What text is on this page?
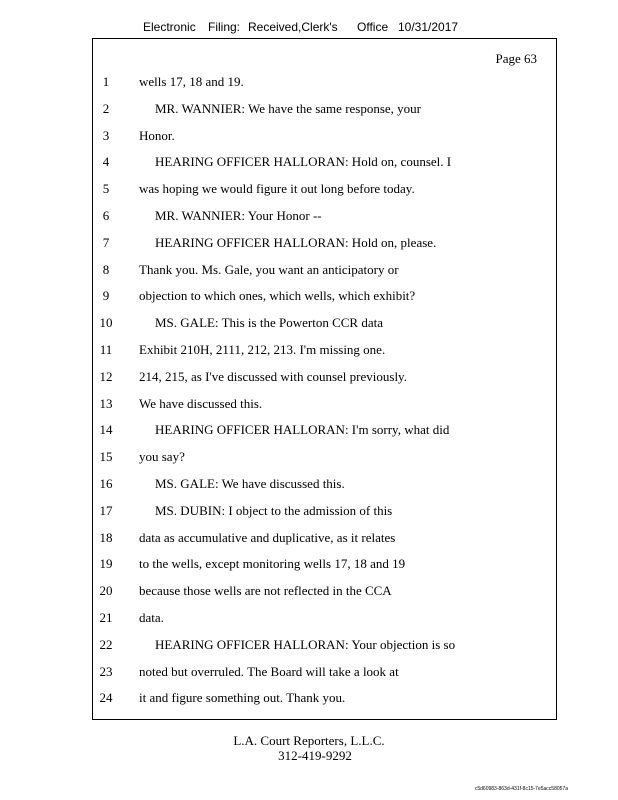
Electronic Filing: Received,Clerk's Office 10/31/2017
Page 63
1	wells 17, 18 and 19.
2	MR. WANNIER: We have the same response, your
3	Honor.
4	HEARING OFFICER HALLORAN: Hold on, counsel. I
5	was hoping we would figure it out long before today.
6	MR. WANNIER: Your Honor --
7	HEARING OFFICER HALLORAN: Hold on, please.
8	Thank you. Ms. Gale, you want an anticipatory or
9	objection to which ones, which wells, which exhibit?
10	MS. GALE: This is the Powerton CCR data
11	Exhibit 210H, 2111, 212, 213. I'm missing one.
12	214, 215, as I've discussed with counsel previously.
13	We have discussed this.
14	HEARING OFFICER HALLORAN: I'm sorry, what did
15	you say?
16	MS. GALE: We have discussed this.
17	MS. DUBIN: I object to the admission of this
18	data as accumulative and duplicative, as it relates
19	to the wells, except monitoring wells 17, 18 and 19
20	because those wells are not reflected in the CCA
21	data.
22	HEARING OFFICER HALLORAN: Your objection is so
23	noted but overruled. The Board will take a look at
24	it and figure something out. Thank you.
L.A. Court Reporters, L.L.C.
312-419-9292
c5d60983-863d-431f-8c15-7e5acc58057a
